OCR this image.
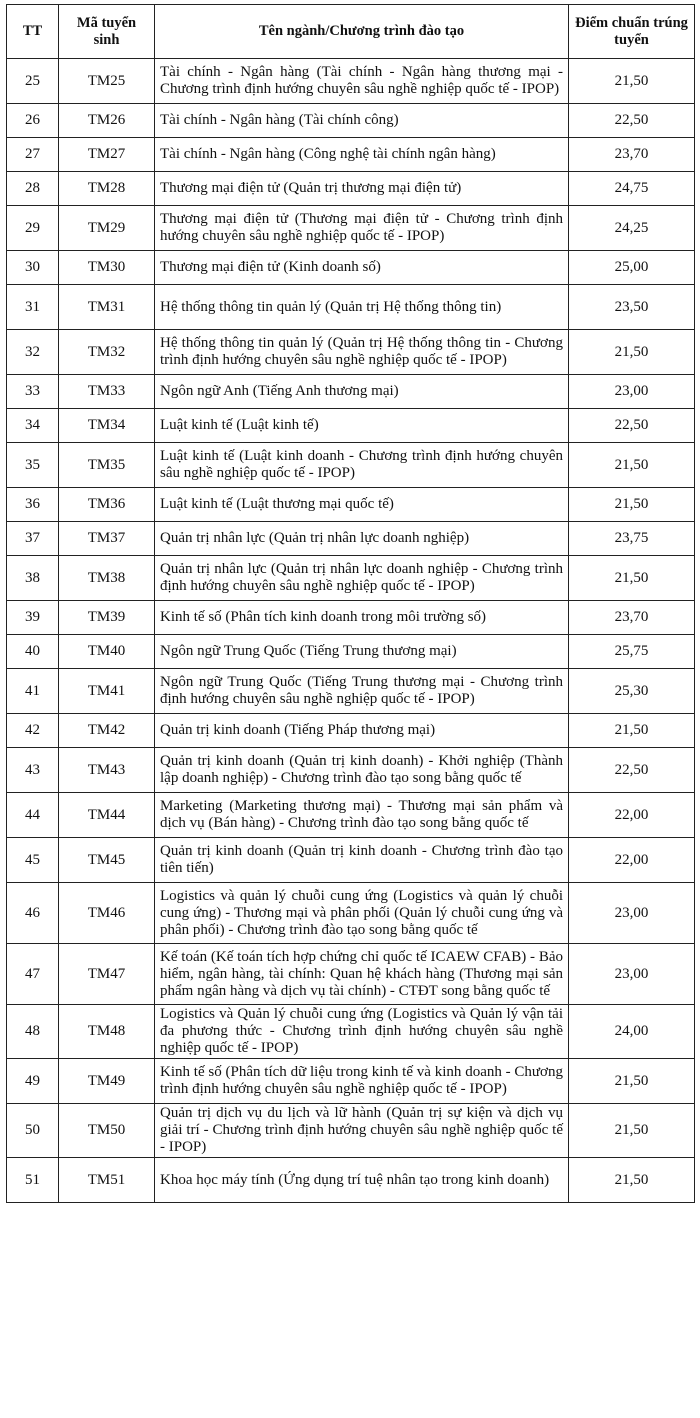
TT	Mã tuyển sinh	Tên ngành/Chương trình đào tạo	Điểm chuẩn trúng tuyển
25	TM25	Tài chính - Ngân hàng (Tài chính - Ngân hàng thương mại - Chương trình định hướng chuyên sâu nghề nghiệp quốc tế - IPOP)	21,50
26	TM26	Tài chính - Ngân hàng (Tài chính công)	22,50
27	TM27	Tài chính - Ngân hàng (Công nghệ tài chính ngân hàng)	23,70
28	TM28	Thương mại điện tử (Quản trị thương mại điện tử)	24,75
29	TM29	Thương mại điện tử (Thương mại điện tử - Chương trình định hướng chuyên sâu nghề nghiệp quốc tế - IPOP)	24,25
30	TM30	Thương mại điện tử (Kinh doanh số)	25,00
31	TM31	Hệ thống thông tin quản lý (Quản trị Hệ thống thông tin)	23,50
32	TM32	Hệ thống thông tin quản lý (Quản trị Hệ thống thông tin - Chương trình định hướng chuyên sâu nghề nghiệp quốc tế - IPOP)	21,50
33	TM33	Ngôn ngữ Anh (Tiếng Anh thương mại)	23,00
34	TM34	Luật kinh tế (Luật kinh tế)	22,50
35	TM35	Luật kinh tế (Luật kinh doanh - Chương trình định hướng chuyên sâu nghề nghiệp quốc tế - IPOP)	21,50
36	TM36	Luật kinh tế (Luật thương mại quốc tế)	21,50
37	TM37	Quản trị nhân lực (Quản trị nhân lực doanh nghiệp)	23,75
38	TM38	Quản trị nhân lực (Quản trị nhân lực doanh nghiệp - Chương trình định hướng chuyên sâu nghề nghiệp quốc tế - IPOP)	21,50
39	TM39	Kinh tế số (Phân tích kinh doanh trong môi trường số)	23,70
40	TM40	Ngôn ngữ Trung Quốc (Tiếng Trung thương mại)	25,75
41	TM41	Ngôn ngữ Trung Quốc (Tiếng Trung thương mại - Chương trình định hướng chuyên sâu nghề nghiệp quốc tế - IPOP)	25,30
42	TM42	Quản trị kinh doanh (Tiếng Pháp thương mại)	21,50
43	TM43	Quản trị kinh doanh (Quản trị kinh doanh) - Khởi nghiệp (Thành lập doanh nghiệp) - Chương trình đào tạo song bằng quốc tế	22,50
44	TM44	Marketing (Marketing thương mại) - Thương mại sản phẩm và dịch vụ (Bán hàng) - Chương trình đào tạo song bằng quốc tế	22,00
45	TM45	Quản trị kinh doanh (Quản trị kinh doanh - Chương trình đào tạo tiên tiến)	22,00
46	TM46	Logistics và quản lý chuỗi cung ứng (Logistics và quản lý chuỗi cung ứng) - Thương mại và phân phối (Quản lý chuỗi cung ứng và phân phối) - Chương trình đào tạo song bằng quốc tế	23,00
47	TM47	Kế toán (Kế toán tích hợp chứng chỉ quốc tế ICAEW CFAB) - Bảo hiểm, ngân hàng, tài chính: Quan hệ khách hàng (Thương mại sản phẩm ngân hàng và dịch vụ tài chính) - CTĐT song bằng quốc tế	23,00
48	TM48	Logistics và Quản lý chuỗi cung ứng (Logistics và Quản lý vận tải đa phương thức - Chương trình định hướng chuyên sâu nghề nghiệp quốc tế - IPOP)	24,00
49	TM49	Kinh tế số (Phân tích dữ liệu trong kinh tế và kinh doanh - Chương trình định hướng chuyên sâu nghề nghiệp quốc tế - IPOP)	21,50
50	TM50	Quản trị dịch vụ du lịch và lữ hành (Quản trị sự kiện và dịch vụ giải trí - Chương trình định hướng chuyên sâu nghề nghiệp quốc tế - IPOP)	21,50
51	TM51	Khoa học máy tính (Ứng dụng trí tuệ nhân tạo trong kinh doanh)	21,50
